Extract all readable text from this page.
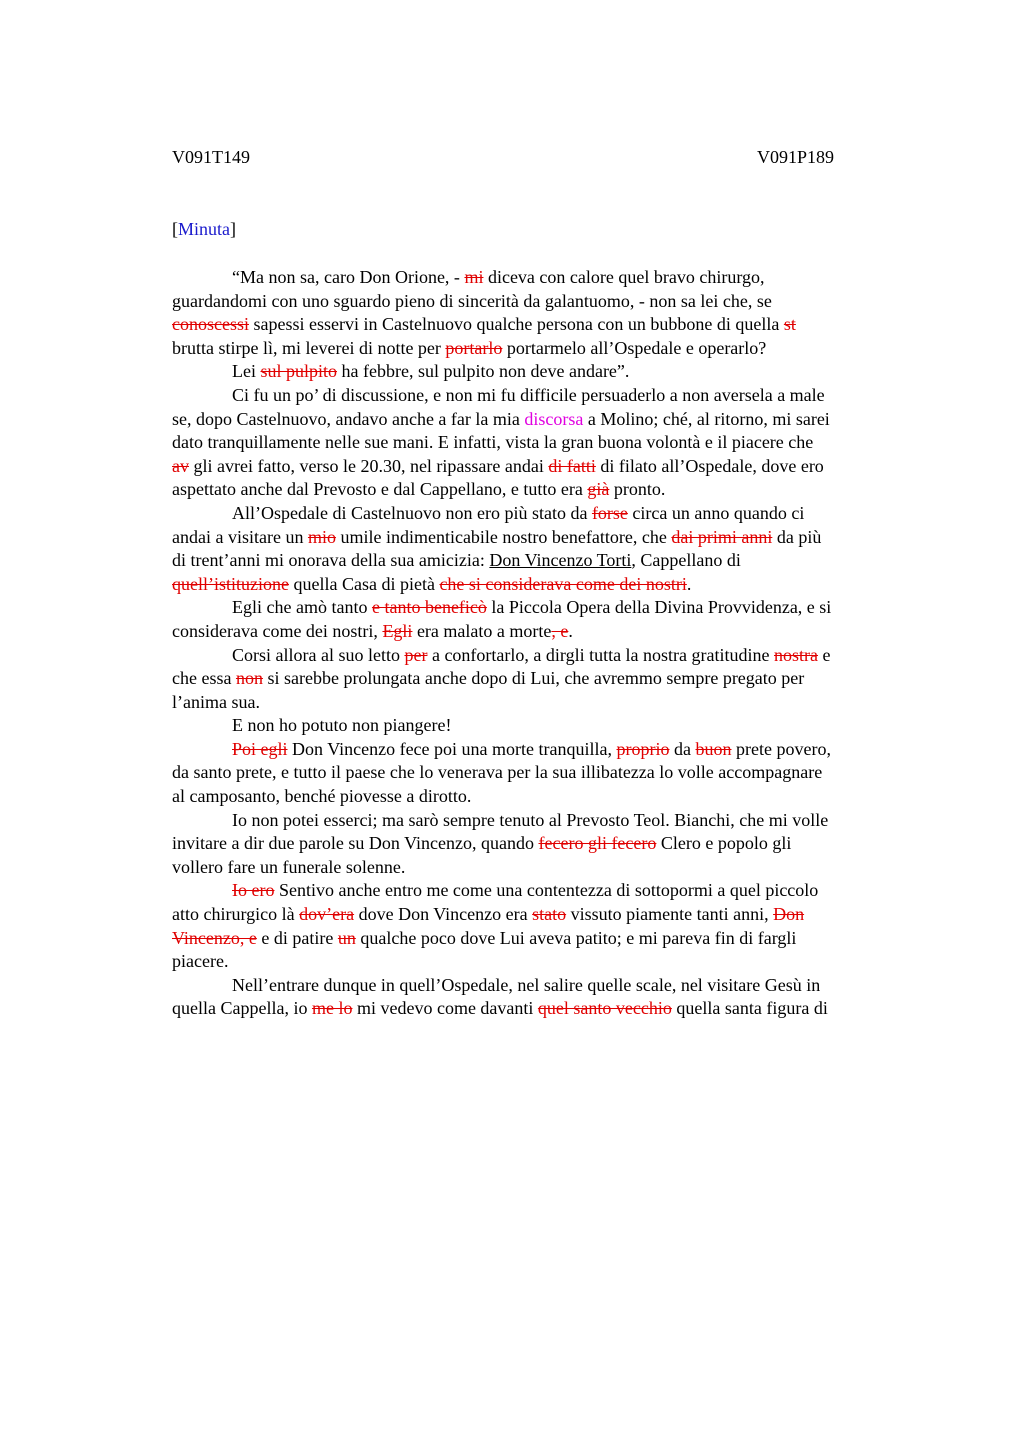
V091T149	V091P189

[Minuta]

“Ma non sa, caro Don Orione, - mi diceva con calore quel bravo chirurgo,
guardandomi con uno sguardo pieno di sincerità da galantuomo, - non sa lei che, se
conoscessi sapessi esservi in Castelnuovo qualche persona con un bubbone di quella st
brutta stirpe lì, mi leverei di notte per portarlo portarmelo all’Ospedale e operarlo?
Lei sul pulpito ha febbre, sul pulpito non deve andare”.
Ci fu un po’ di discussione, e non mi fu difficile persuaderlo a non aversela a male
se, dopo Castelnuovo, andavo anche a far la mia discorsa a Molino; ché, al ritorno, mi sarei
dato tranquillamente nelle sue mani. E infatti, vista la gran buona volontà e il piacere che
av gli avrei fatto, verso le 20.30, nel ripassare andai di fatti di filato all’Ospedale, dove ero
aspettato anche dal Prevosto e dal Cappellano, e tutto era già pronto.
All’Ospedale di Castelnuovo non ero più stato da forse circa un anno quando ci
andai a visitare un mio umile indimenticabile nostro benefattore, che dai primi anni da più
di trent’anni mi onorava della sua amicizia: Don Vincenzo Torti, Cappellano di
quell’istituzione quella Casa di pietà che si considerava come dei nostri.
Egli che amò tanto e tanto beneficò la Piccola Opera della Divina Provvidenza, e si
considerava come dei nostri, Egli era malato a morte, e.
Corsi allora al suo letto per a confortarlo, a dirgli tutta la nostra gratitudine nostra e
che essa non si sarebbe prolungata anche dopo di Lui, che avremmo sempre pregato per
l’anima sua.
E non ho potuto non piangere!
Poi egli Don Vincenzo fece poi una morte tranquilla, proprio da buon prete povero,
da santo prete, e tutto il paese che lo venerava per la sua illibatezza lo volle accompagnare
al camposanto, benché piovesse a dirotto.
Io non potei esserci; ma sarò sempre tenuto al Prevosto Teol. Bianchi, che mi volle
invitare a dir due parole su Don Vincenzo, quando fecero gli fecero Clero e popolo gli
vollero fare un funerale solenne.
Io ero Sentivo anche entro me come una contentezza di sottopormi a quel piccolo
atto chirurgico là dov’era dove Don Vincenzo era stato vissuto piamente tanti anni, Don
Vincenzo, e e di patire un qualche poco dove Lui aveva patito; e mi pareva fin di fargli
piacere.
Nell’entrare dunque in quell’Ospedale, nel salire quelle scale, nel visitare Gesù in
quella Cappella, io me lo mi vedevo come davanti quel santo vecchio quella santa figura di
